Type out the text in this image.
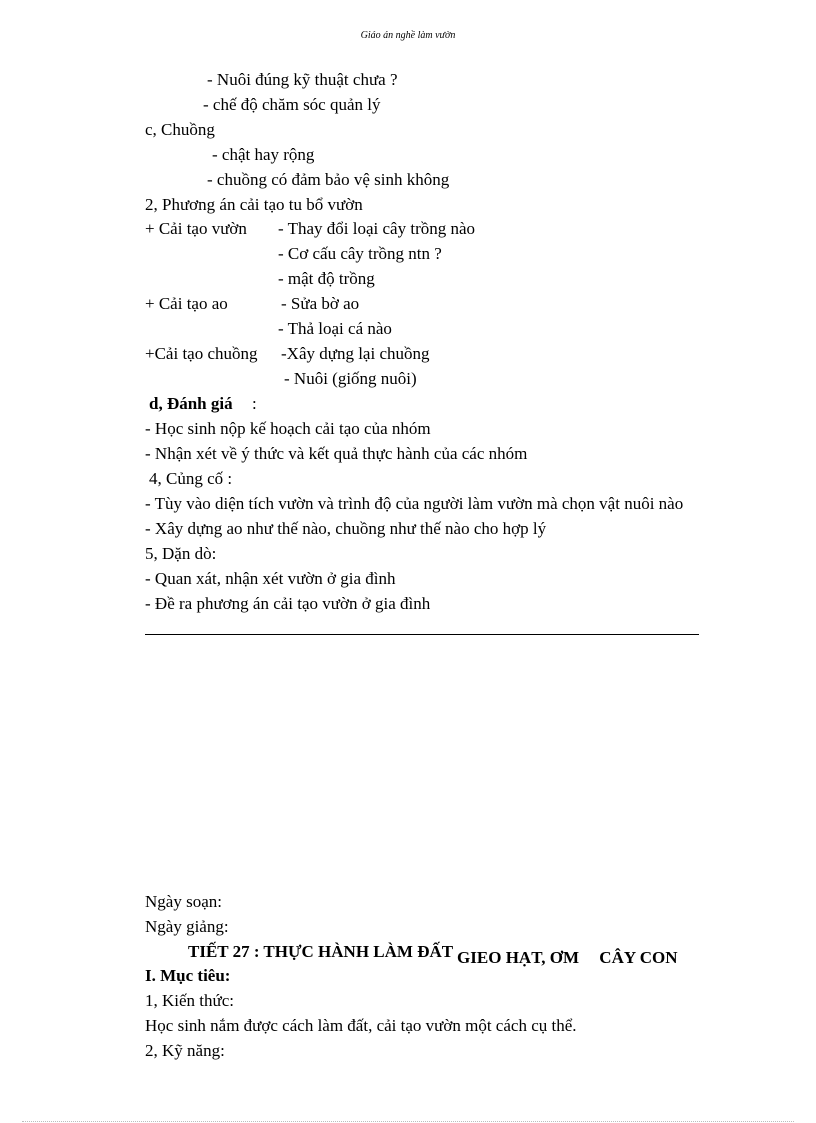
Giáo án nghề làm vườn
- Nuôi đúng kỹ thuật chưa ?
- chế độ chăm sóc quản lý
c, Chuồng
- chật hay rộng
- chuồng có đảm bảo vệ sinh không
2, Phương án cải tạo tu bổ vườn
+ Cải tạo vườn - Thay đổi loại cây trồng nào
- Cơ cấu cây trồng ntn ?
- mật độ trồng
+ Cải tạo ao	- Sửa bờ ao
- Thả loại cá nào
+Cải tạo chuồng -Xây dựng lại chuồng
- Nuôi (giống nuôi)
d, Đánh giá :
- Học sinh nộp kế hoạch cải tạo của nhóm
- Nhận xét về ý thức và kết quả thực hành của các nhóm
4, Củng cố :
- Tùy vào diện tích vườn và trình độ của người làm vườn mà chọn vật nuôi nào
- Xây dựng ao như thế nào, chuồng như thế nào cho hợp lý
5, Dặn dò:
- Quan xát, nhận xét vườn ở gia đình
- Đề ra phương án cải tạo vườn ở gia đình
Ngày soạn:
Ngày giảng:
I. Mục tiêu:
1, Kiến thức:
Học sinh nắm được cách làm đất, cải tạo vườn một cách cụ thể.
2, Kỹ năng:
TIẾT 27 : THỰC HÀNH LÀM ĐẤT GIEO HẠT, ƠM CÂY CON
